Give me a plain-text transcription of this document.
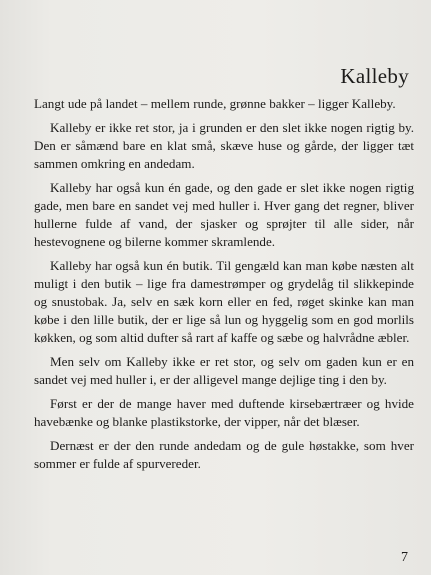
Kalleby

Langt ude på landet – mellem runde, grønne bakker – ligger Kalleby.

Kalleby er ikke ret stor, ja i grunden er den slet ikke nogen rigtig by. Den er såmænd bare en klat små, skæve huse og gårde, der ligger tæt sammen omkring en andedam.

Kalleby har også kun én gade, og den gade er slet ikke nogen rigtig gade, men bare en sandet vej med huller i. Hver gang det regner, bliver hullerne fulde af vand, der sjasker og sprøjter til alle sider, når hestevognene og bilerne kommer skramlende.

Kalleby har også kun én butik. Til gengæld kan man købe næsten alt muligt i den butik – lige fra damestrømper og grydelåg til slikkepinde og snustobak. Ja, selv en sæk korn eller en fed, røget skinke kan man købe i den lille butik, der er lige så lun og hyggelig som en god morlils køkken, og som altid dufter så rart af kaffe og sæbe og halvrådne æbler.

Men selv om Kalleby ikke er ret stor, og selv om gaden kun er en sandet vej med huller i, er der alligevel mange dejlige ting i den by.

Først er der de mange haver med duftende kirsebærtræer og hvide havebænke og blanke plastikstorke, der vipper, når det blæser.

Dernæst er der den runde andedam og de gule høstakke, som hver sommer er fulde af spurvereder.

7
